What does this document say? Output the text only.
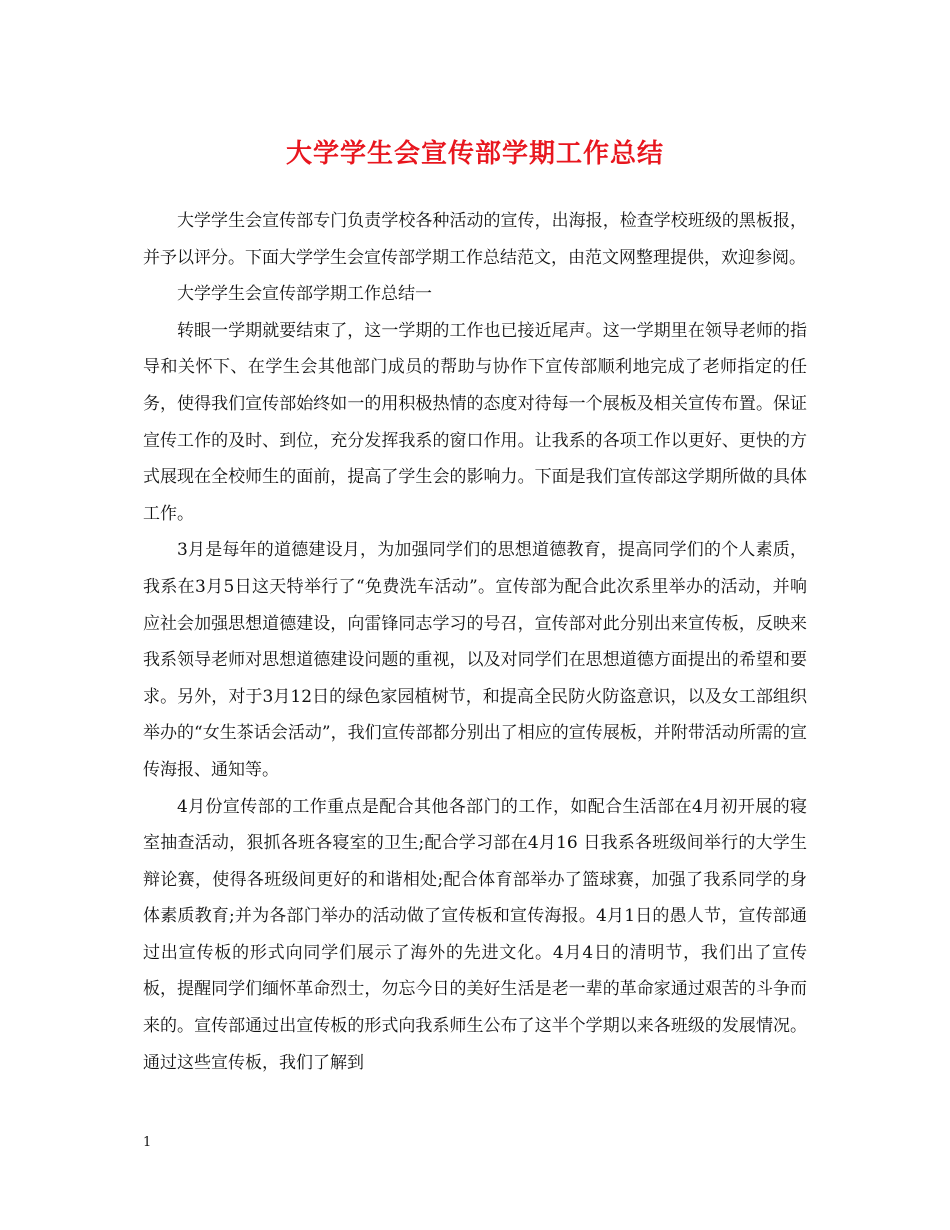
大学学生会宣传部学期工作总结

大学学生会宣传部专门负责学校各种活动的宣传，出海报，检查学校班级的黑板报，并予以评分。下面大学学生会宣传部学期工作总结范文，由范文网整理提供，欢迎参阅。

大学学生会宣传部学期工作总结一

转眼一学期就要结束了，这一学期的工作也已接近尾声。这一学期里在领导老师的指导和关怀下、在学生会其他部门成员的帮助与协作下宣传部顺利地完成了老师指定的任务，使得我们宣传部始终如一的用积极热情的态度对待每一个展板及相关宣传布置。保证宣传工作的及时、到位，充分发挥我系的窗口作用。让我系的各项工作以更好、更快的方式展现在全校师生的面前，提高了学生会的影响力。下面是我们宣传部这学期所做的具体工作。

3月是每年的道德建设月，为加强同学们的思想道德教育，提高同学们的个人素质，我系在3月5日这天特举行了“免费洗车活动”。宣传部为配合此次系里举办的活动，并响应社会加强思想道德建设，向雷锋同志学习的号召，宣传部对此分别出来宣传板，反映来我系领导老师对思想道德建设问题的重视，以及对同学们在思想道德方面提出的希望和要求。另外，对于3月12日的绿色家园植树节，和提高全民防火防盗意识，以及女工部组织举办的“女生茶话会活动”，我们宣传部都分别出了相应的宣传展板，并附带活动所需的宣传海报、通知等。

4月份宣传部的工作重点是配合其他各部门的工作，如配合生活部在4月初开展的寝室抽查活动，狠抓各班各寝室的卫生;配合学习部在4月16 日我系各班级间举行的大学生辩论赛，使得各班级间更好的和谐相处;配合体育部举办了篮球赛，加强了我系同学的身体素质教育;并为各部门举办的活动做了宣传板和宣传海报。4月1日的愚人节，宣传部通过出宣传板的形式向同学们展示了海外的先进文化。4月4日的清明节，我们出了宣传板，提醒同学们缅怀革命烈士，勿忘今日的美好生活是老一辈的革命家通过艰苦的斗争而来的。宣传部通过出宣传板的形式向我系师生公布了这半个学期以来各班级的发展情况。通过这些宣传板，我们了解到

1
